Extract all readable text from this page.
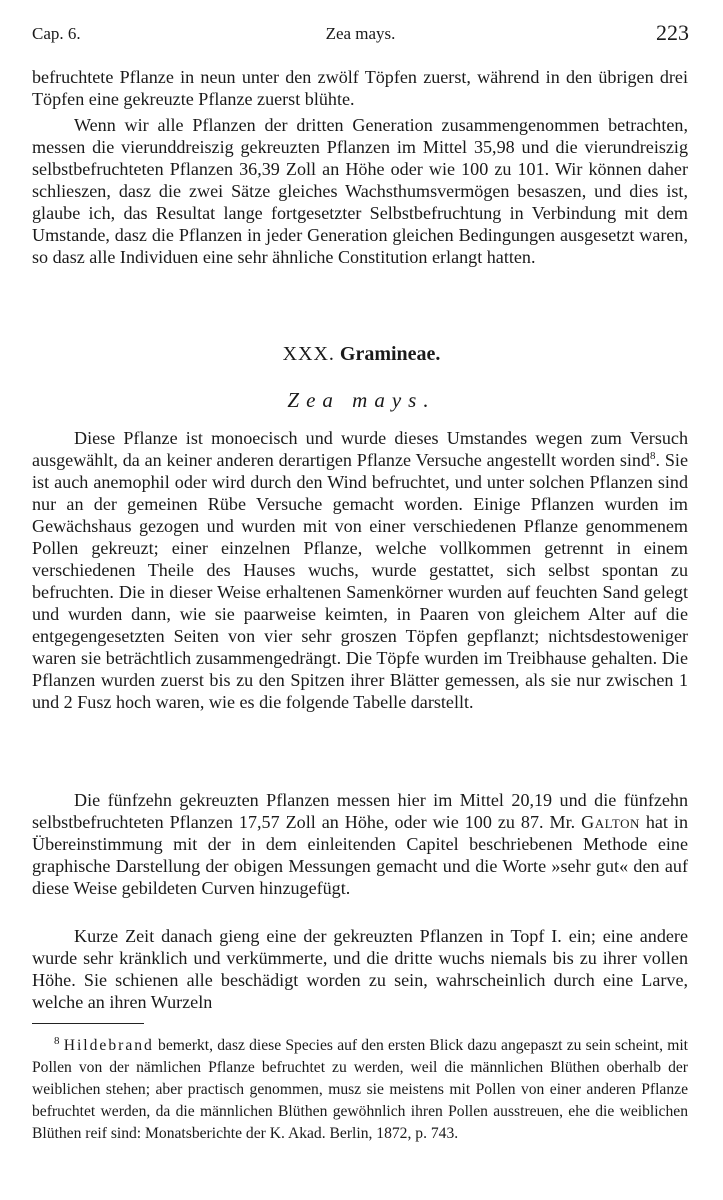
Cap. 6.	Zea mays.	223

befruchtete Pflanze in neun unter den zwölf Töpfen zuerst, während in den übrigen drei Töpfen eine gekreuzte Pflanze zuerst blühte.

Wenn wir alle Pflanzen der dritten Generation zusammengenommen betrachten, messen die vierunddreiszig gekreuzten Pflanzen im Mittel 35,98 und die vierundreiszig selbstbefruchteten Pflanzen 36,39 Zoll an Höhe oder wie 100 zu 101. Wir können daher schlieszen, dasz die zwei Sätze gleiches Wachsthumsvermögen besaszen, und dies ist, glaube ich, das Resultat lange fortgesetzter Selbstbefruchtung in Verbindung mit dem Umstande, dasz die Pflanzen in jeder Generation gleichen Bedingungen ausgesetzt waren, so dasz alle Individuen eine sehr ähnliche Constitution erlangt hatten.

XXX. Gramineae.
Zea mays.

Diese Pflanze ist monoecisch und wurde dieses Umstandes wegen zum Versuch ausgewählt, da an keiner anderen derartigen Pflanze Versuche angestellt worden sind$^8$. Sie ist auch anemophil oder wird durch den Wind befruchtet, und unter solchen Pflanzen sind nur an der gemeinen Rübe Versuche gemacht worden. Einige Pflanzen wurden im Gewächshaus gezogen und wurden mit von einer verschiedenen Pflanze genommenem Pollen gekreuzt; einer einzelnen Pflanze, welche vollkommen getrennt in einem verschiedenen Theile des Hauses wuchs, wurde gestattet, sich selbst spontan zu befruchten. Die in dieser Weise erhaltenen Samenkörner wurden auf feuchten Sand gelegt und wurden dann, wie sie paarweise keimten, in Paaren von gleichem Alter auf die entgegengesetzten Seiten von vier sehr groszen Töpfen gepflanzt; nichtsdestoweniger waren sie beträchtlich zusammengedrängt. Die Töpfe wurden im Treibhause gehalten. Die Pflanzen wurden zuerst bis zu den Spitzen ihrer Blätter gemessen, als sie nur zwischen 1 und 2 Fusz hoch waren, wie es die folgende Tabelle darstellt.

Die fünfzehn gekreuzten Pflanzen messen hier im Mittel 20,19 und die fünfzehn selbstbefruchteten Pflanzen 17,57 Zoll an Höhe, oder wie 100 zu 87. Mr. Galton hat in Übereinstimmung mit der in dem einleitenden Capitel beschriebenen Methode eine graphische Darstellung der obigen Messungen gemacht und die Worte »sehr gut« den auf diese Weise gebildeten Curven hinzugefügt.

Kurze Zeit danach gieng eine der gekreuzten Pflanzen in Topf I. ein; eine andere wurde sehr kränklich und verkümmerte, und die dritte wuchs niemals bis zu ihrer vollen Höhe. Sie schienen alle beschädigt worden zu sein, wahrscheinlich durch eine Larve, welche an ihren Wurzeln

$^8$ Hildebrand bemerkt, dasz diese Species auf den ersten Blick dazu angepaszt zu sein scheint, mit Pollen von der nämlichen Pflanze befruchtet zu werden, weil die männlichen Blüthen oberhalb der weiblichen stehen; aber practisch genommen, musz sie meistens mit Pollen von einer anderen Pflanze befruchtet werden, da die männlichen Blüthen gewöhnlich ihren Pollen ausstreuen, ehe die weiblichen Blüthen reif sind: Monatsberichte der K. Akad. Berlin, 1872, p. 743.
